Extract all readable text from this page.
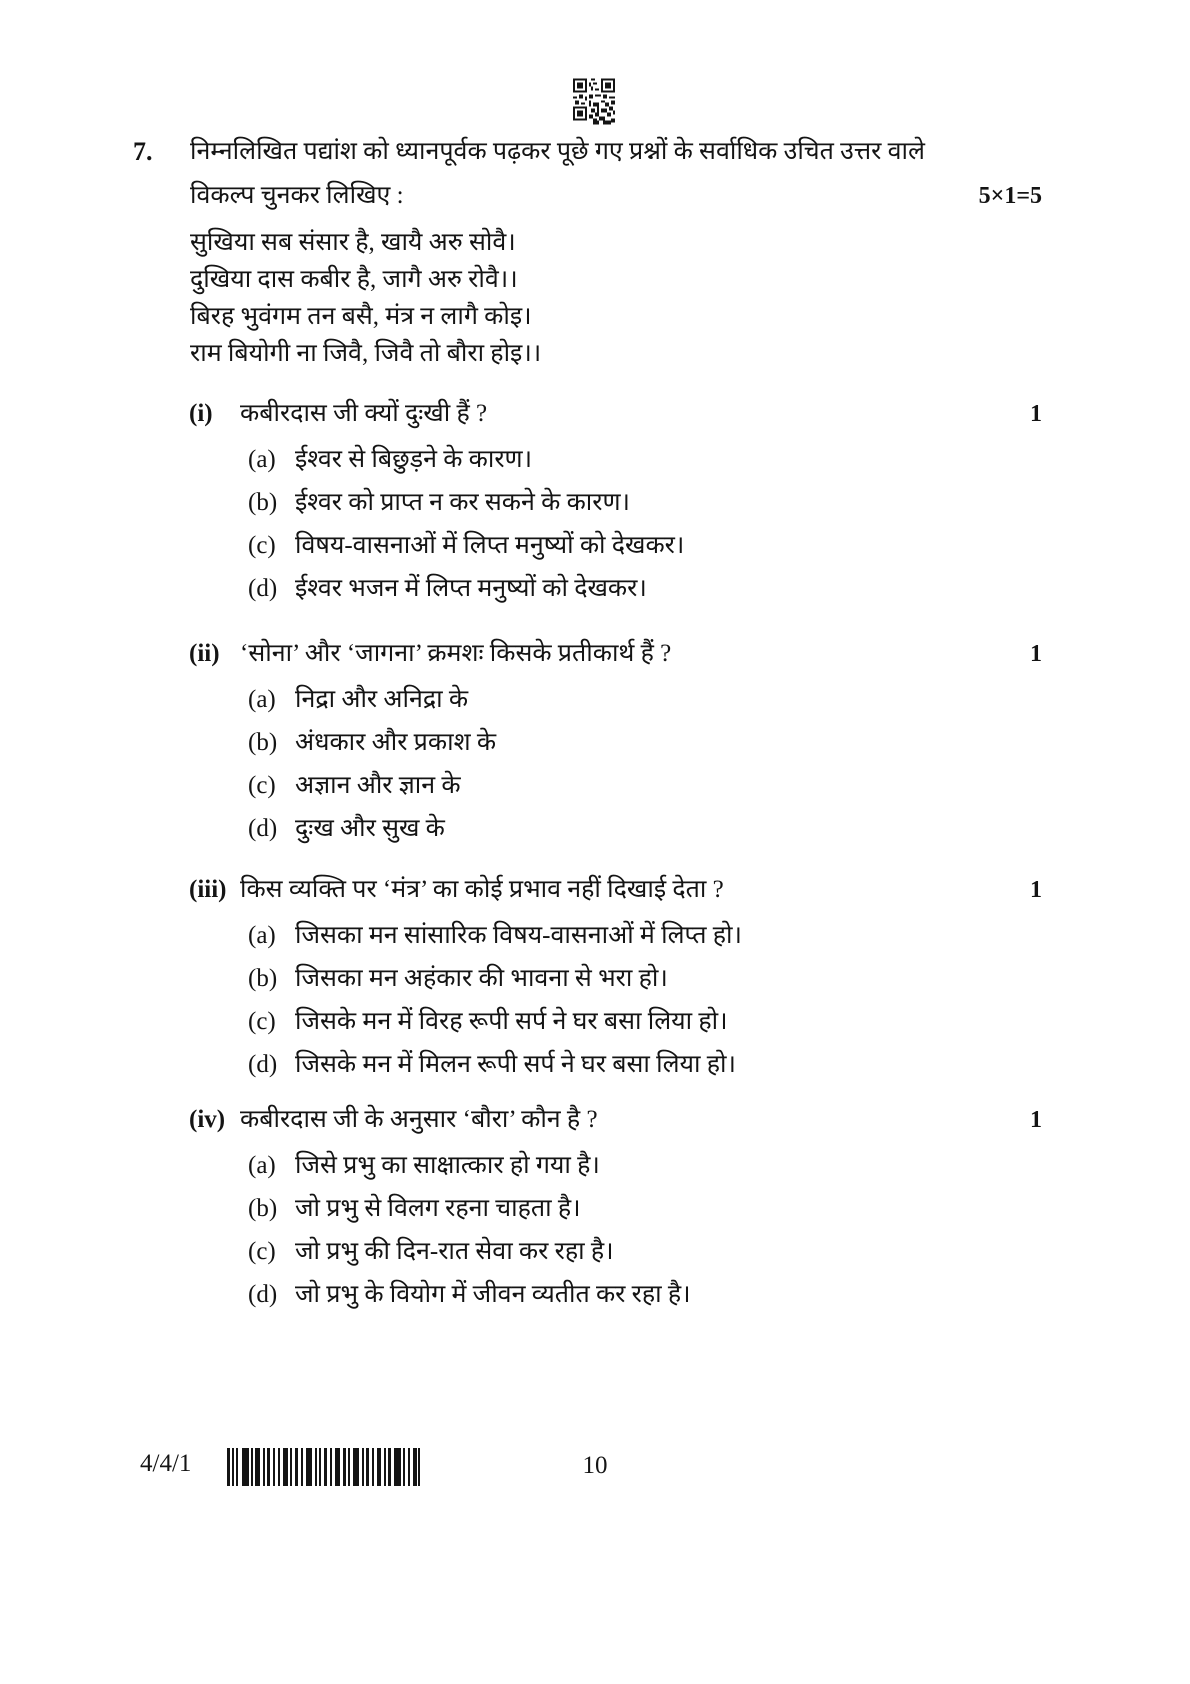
7.	निम्नलिखित पद्यांश को ध्यानपूर्वक पढ़कर पूछे गए प्रश्नों के सर्वाधिक उचित उत्तर वाले
विकल्प चुनकर लिखिए :	5×1=5
सुखिया सब संसार है, खायै अरु सोवै।
दुखिया दास कबीर है, जागै अरु रोवै।।
बिरह भुवंगम तन बसै, मंत्र न लागै कोइ।
राम बियोगी ना जिवै, जिवै तो बौरा होइ।।
(i)	कबीरदास जी क्यों दुःखी हैं ?	1
(a) ईश्वर से बिछुड़ने के कारण।
(b) ईश्वर को प्राप्त न कर सकने के कारण।
(c) विषय-वासनाओं में लिप्त मनुष्यों को देखकर।
(d) ईश्वर भजन में लिप्त मनुष्यों को देखकर।
(ii) ‘सोना’ और ‘जागना’ क्रमशः किसके प्रतीकार्थ हैं ?	1
(a) निद्रा और अनिद्रा के
(b) अंधकार और प्रकाश के
(c) अज्ञान और ज्ञान के
(d) दुःख और सुख के
(iii) किस व्यक्ति पर ‘मंत्र’ का कोई प्रभाव नहीं दिखाई देता ?	1
(a) जिसका मन सांसारिक विषय-वासनाओं में लिप्त हो।
(b) जिसका मन अहंकार की भावना से भरा हो।
(c) जिसके मन में विरह रूपी सर्प ने घर बसा लिया हो।
(d) जिसके मन में मिलन रूपी सर्प ने घर बसा लिया हो।
(iv) कबीरदास जी के अनुसार ‘बौरा’ कौन है ?	1
(a) जिसे प्रभु का साक्षात्कार हो गया है।
(b) जो प्रभु से विलग रहना चाहता है।
(c) जो प्रभु की दिन-रात सेवा कर रहा है।
(d) जो प्रभु के वियोग में जीवन व्यतीत कर रहा है।
4/4/1	10
